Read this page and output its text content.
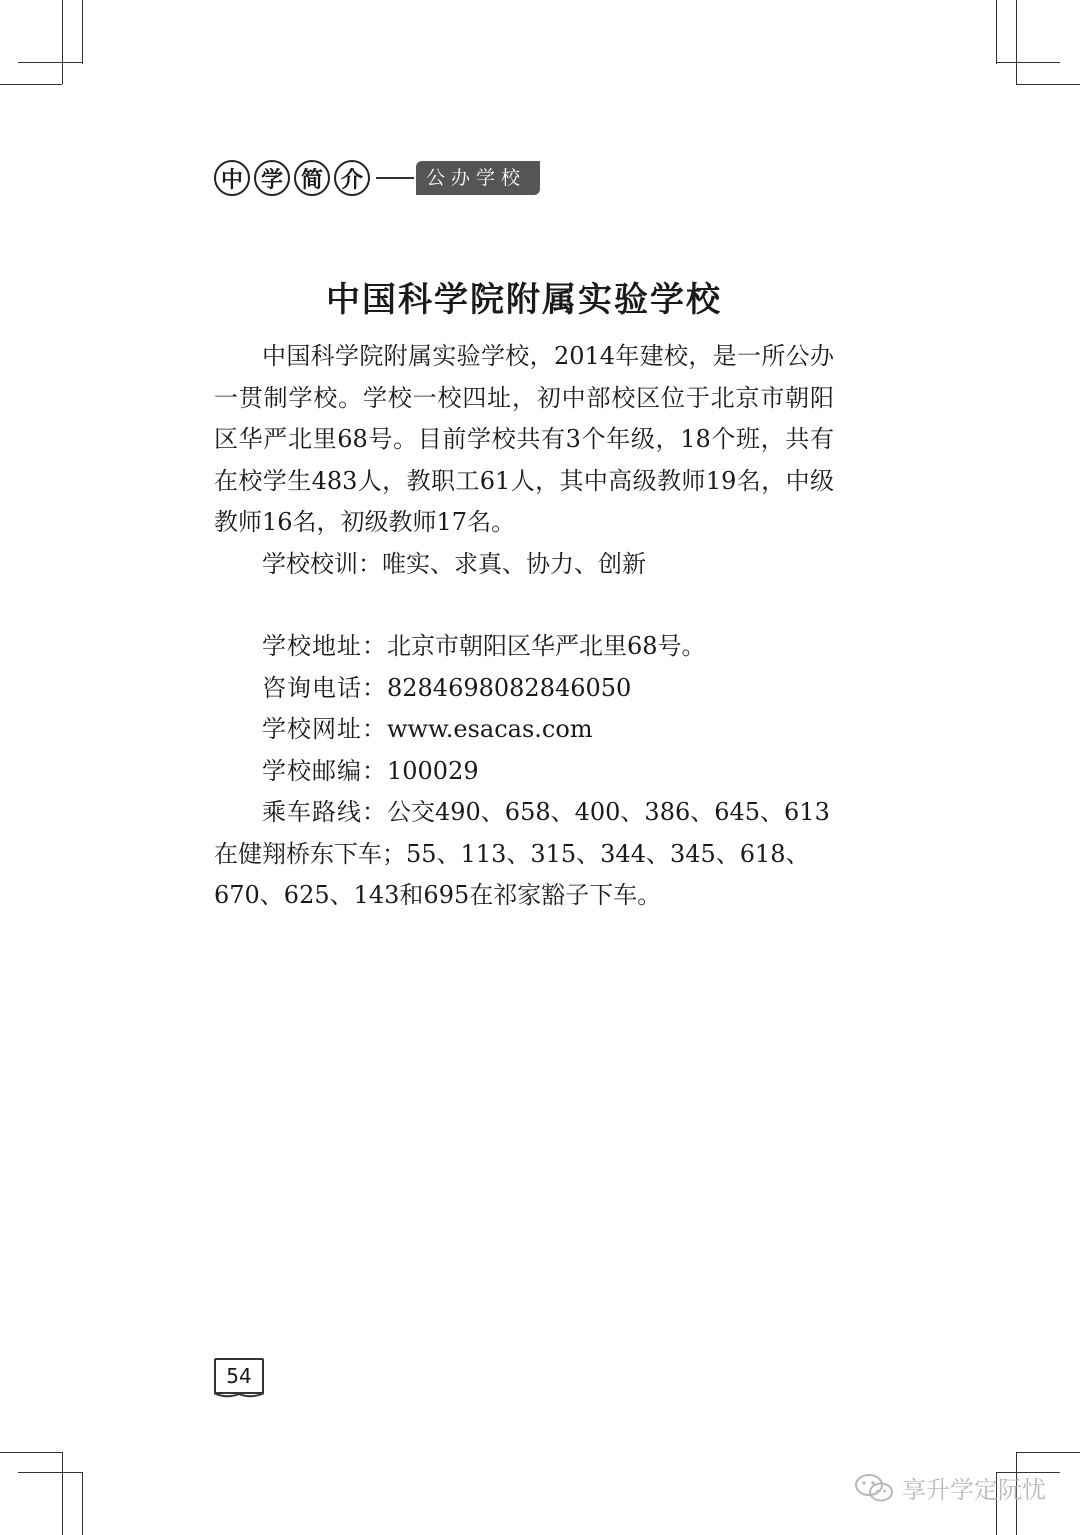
中 学 简 介	公办学校
中国科学院附属实验学校

中国科学院附属实验学校，2014年建校，是一所公办一贯制学校。学校一校四址，初中部校区位于北京市朝阳区华严北里68号。目前学校共有3个年级，18个班，共有在校学生483人，教职工61人，其中高级教师19名，中级教师16名，初级教师17名。

学校校训：唯实、求真、协力、创新

学校地址：北京市朝阳区华严北里68号。
咨询电话：8284698082846050
学校网址：www.esacas.com
学校邮编：100029
乘车路线：公交490、658、400、386、645、613在健翔桥东下车；55、113、315、344、345、618、670、625、143和695在祁家豁子下车。
54
享升学定阮忧
